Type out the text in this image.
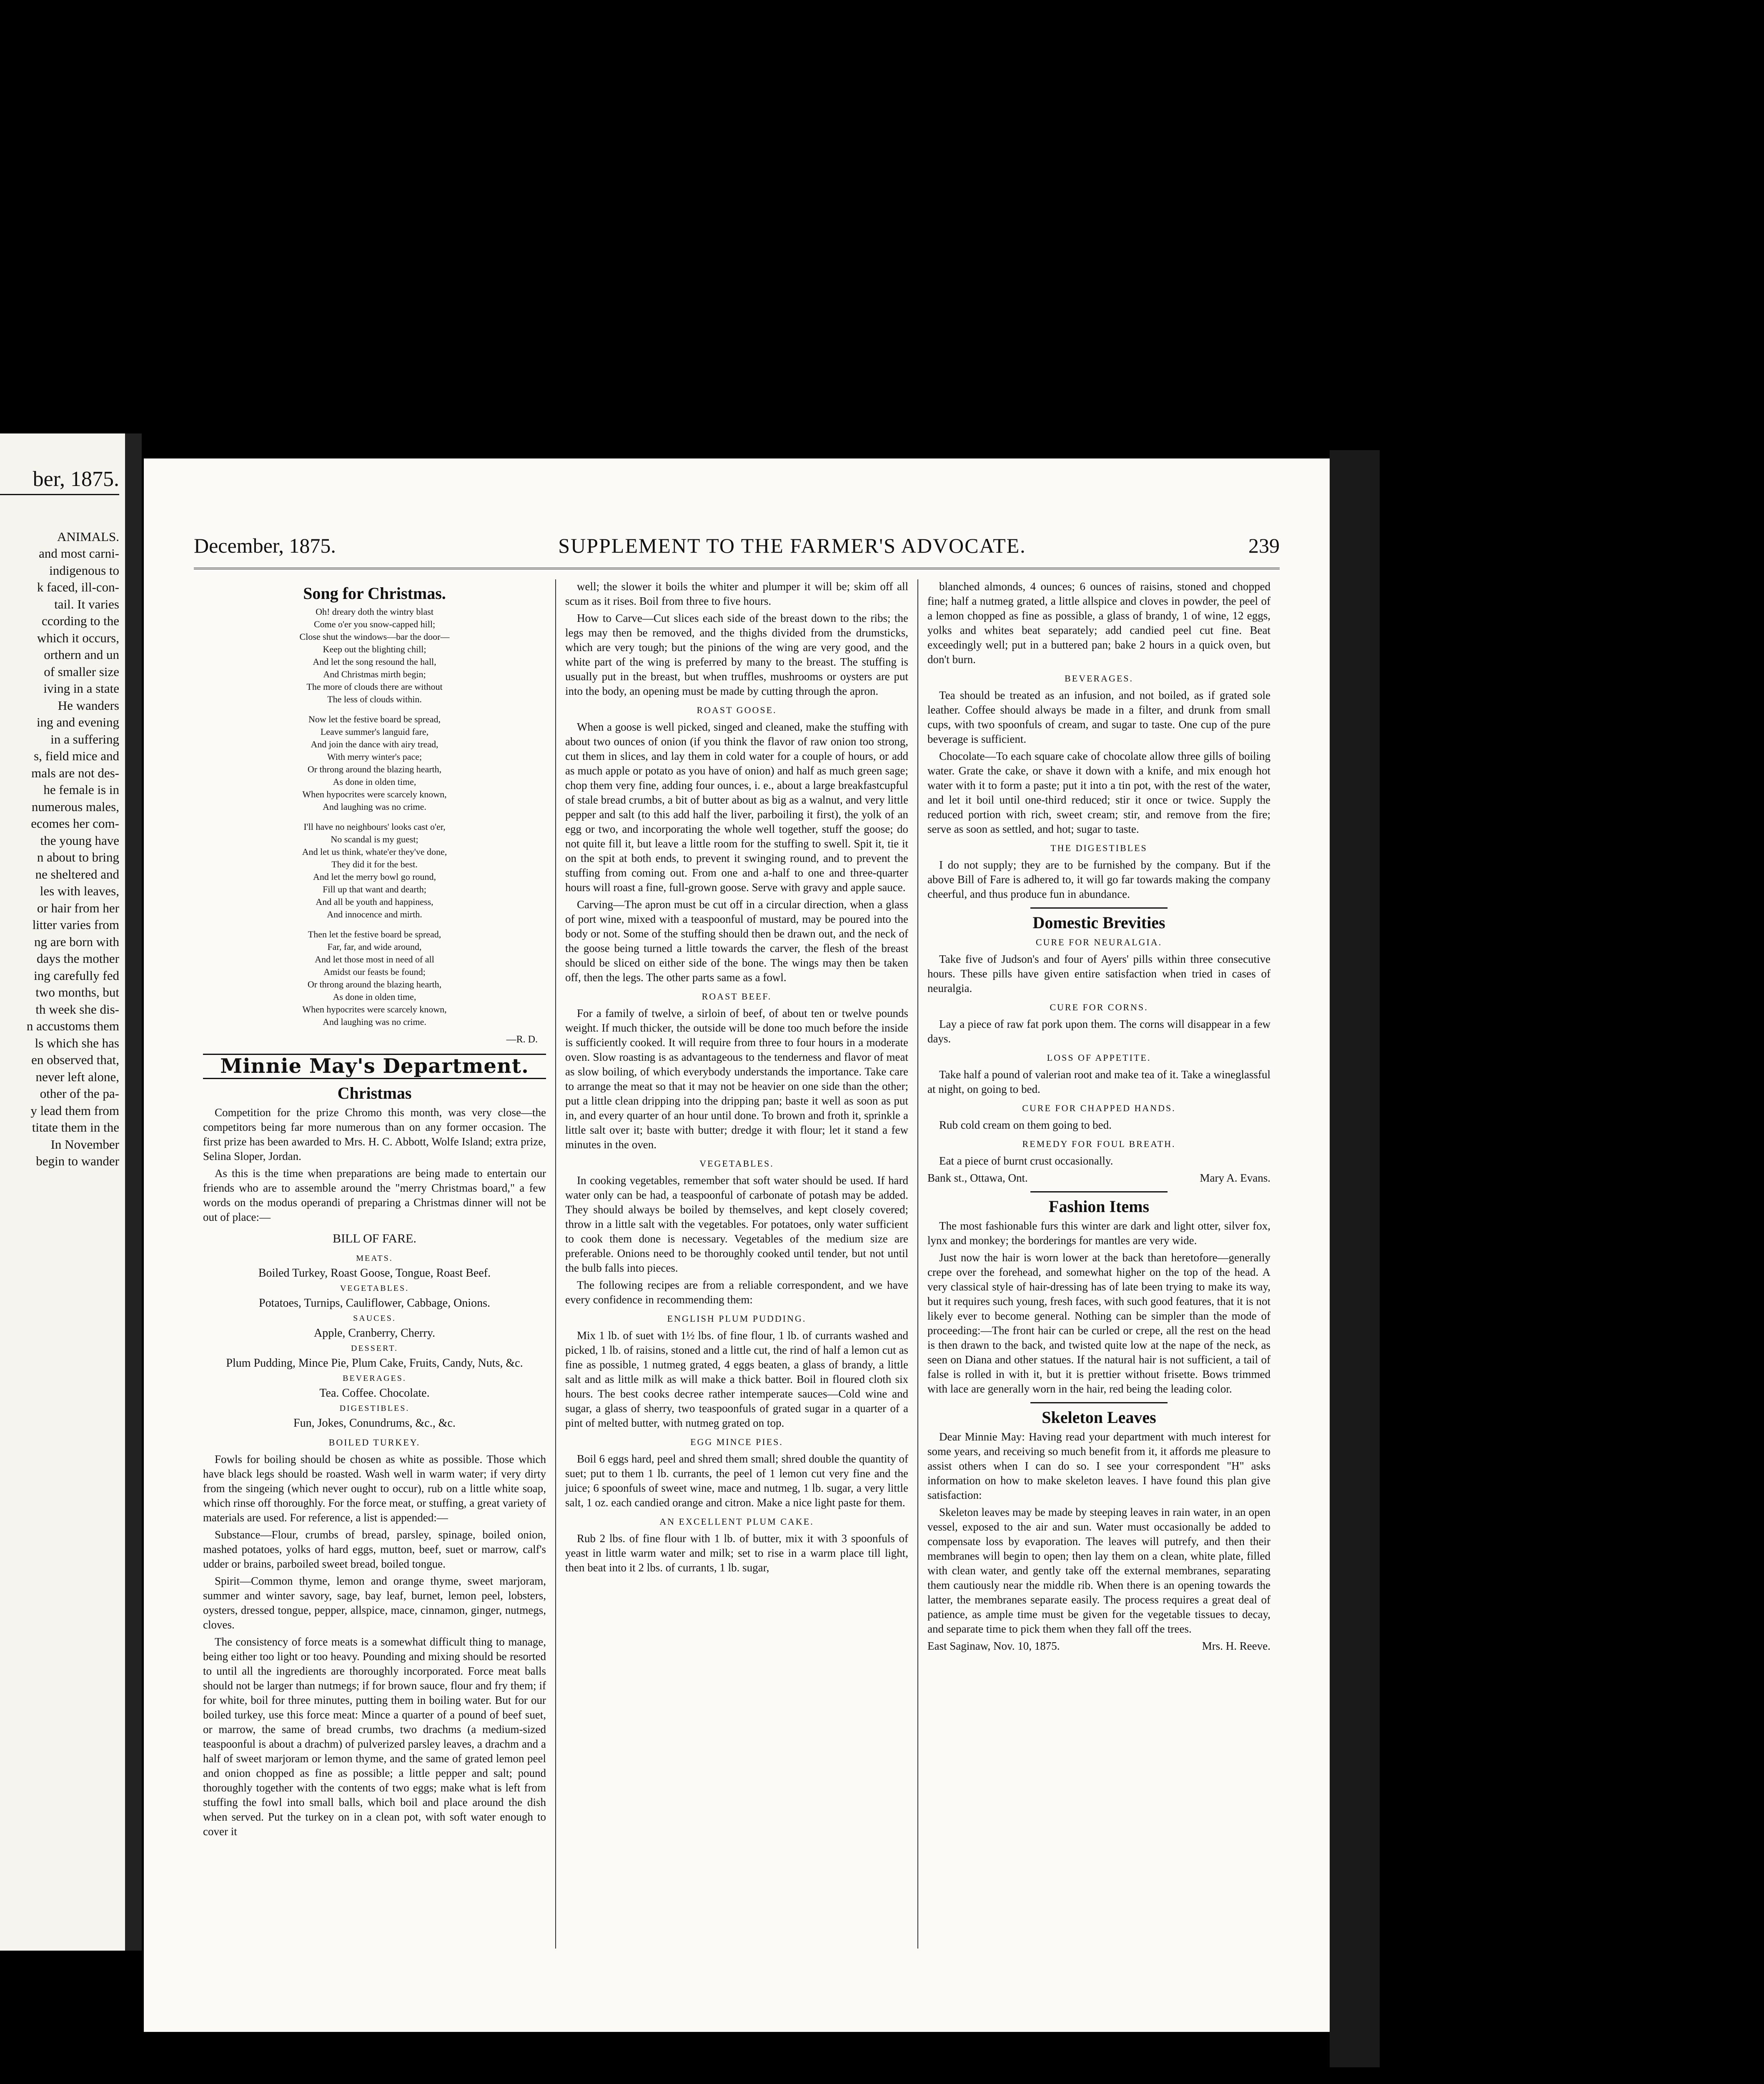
ber, 1875.

ANIMALS.

and most carni-

indigenous to

k faced, ill-con-

tail. It varies

ccording to the

which it occurs,

orthern and un

of smaller size

iving in a state

He wanders

ing and evening

in a suffering

s, field mice and

mals are not des-

he female is in

numerous males,

ecomes her com-

the young have

n about to bring

ne sheltered and

les with leaves,

or hair from her

litter varies from

ng are born with

days the mother

ing carefully fed

two months, but

th week she dis-

n accustoms them

ls which she has

en observed that,

never left alone,

other of the pa-

y lead them from

titate them in the

In November

begin to wander

December, 1875.	SUPPLEMENT TO THE FARMER'S ADVOCATE.	239
Song for Christmas.
Oh! dreary doth the wintry blast
Come o'er you snow-capped hill;
Close shut the windows—bar the door—
Keep out the blighting chill;
And let the song resound the hall,
And Christmas mirth begin;
The more of clouds there are without
The less of clouds within.
Now let the festive board be spread,
Leave summer's languid fare,
And join the dance with airy tread,
With merry winter's pace;
Or throng around the blazing hearth,
As done in olden time,
When hypocrites were scarcely known,
And laughing was no crime.
I'll have no neighbours' looks cast o'er,
No scandal is my guest;
And let us think, whate'er they've done,
They did it for the best.
And let the merry bowl go round,
Fill up that want and dearth;
And all be youth and happiness,
And innocence and mirth.
Then let the festive board be spread,
Far, far, and wide around,
And let those most in need of all
Amidst our feasts be found;
Or throng around the blazing hearth,
As done in olden time,
When hypocrites were scarcely known,
And laughing was no crime.
—R. D.
Minnie May's Department.
Christmas

Competition for the prize Chromo this month, was very close—the competitors being far more numerous than on any former occasion. The first prize has been awarded to Mrs. H. C. Abbott, Wolfe Island; extra prize, Selina Sloper, Jordan.

As this is the time when preparations are being made to entertain our friends who are to assemble around the "merry Christmas board," a few words on the modus operandi of preparing a Christmas dinner will not be out of place:—

BILL OF FARE.
MEATS.
Boiled Turkey, Roast Goose, Tongue, Roast Beef.
VEGETABLES.
Potatoes, Turnips, Cauliflower, Cabbage, Onions.
SAUCES.
Apple, Cranberry, Cherry.
DESSERT.
Plum Pudding, Mince Pie, Plum Cake, Fruits, Candy, Nuts, &c.
BEVERAGES.
Tea. Coffee. Chocolate.
DIGESTIBLES.
Fun, Jokes, Conundrums, &c., &c.
BOILED TURKEY.

Fowls for boiling should be chosen as white as possible. Those which have black legs should be roasted. Wash well in warm water; if very dirty from the singeing (which never ought to occur), rub on a little white soap, which rinse off thoroughly. For the force meat, or stuffing, a great variety of materials are used. For reference, a list is appended:—

Substance—Flour, crumbs of bread, parsley, spinage, boiled onion, mashed potatoes, yolks of hard eggs, mutton, beef, suet or marrow, calf's udder or brains, parboiled sweet bread, boiled tongue.

Spirit—Common thyme, lemon and orange thyme, sweet marjoram, summer and winter savory, sage, bay leaf, burnet, lemon peel, lobsters, oysters, dressed tongue, pepper, allspice, mace, cinnamon, ginger, nutmegs, cloves.

The consistency of force meats is a somewhat difficult thing to manage, being either too light or too heavy. Pounding and mixing should be resorted to until all the ingredients are thoroughly incorporated. Force meat balls should not be larger than nutmegs; if for brown sauce, flour and fry them; if for white, boil for three minutes, putting them in boiling water. But for our boiled turkey, use this force meat: Mince a quarter of a pound of beef suet, or marrow, the same of bread crumbs, two drachms (a medium-sized teaspoonful is about a drachm) of pulverized parsley leaves, a drachm and a half of sweet marjoram or lemon thyme, and the same of grated lemon peel and onion chopped as fine as possible; a little pepper and salt; pound thoroughly together with the contents of two eggs; make what is left from stuffing the fowl into small balls, which boil and place around the dish when served. Put the turkey on in a clean pot, with soft water enough to cover it

well; the slower it boils the whiter and plumper it will be; skim off all scum as it rises. Boil from three to five hours.

How to Carve—Cut slices each side of the breast down to the ribs; the legs may then be removed, and the thighs divided from the drumsticks, which are very tough; but the pinions of the wing are very good, and the white part of the wing is preferred by many to the breast. The stuffing is usually put in the breast, but when truffles, mushrooms or oysters are put into the body, an opening must be made by cutting through the apron.

ROAST GOOSE.

When a goose is well picked, singed and cleaned, make the stuffing with about two ounces of onion (if you think the flavor of raw onion too strong, cut them in slices, and lay them in cold water for a couple of hours, or add as much apple or potato as you have of onion) and half as much green sage; chop them very fine, adding four ounces, i. e., about a large breakfastcupful of stale bread crumbs, a bit of butter about as big as a walnut, and very little pepper and salt (to this add half the liver, parboiling it first), the yolk of an egg or two, and incorporating the whole well together, stuff the goose; do not quite fill it, but leave a little room for the stuffing to swell. Spit it, tie it on the spit at both ends, to prevent it swinging round, and to prevent the stuffing from coming out. From one and a-half to one and three-quarter hours will roast a fine, full-grown goose. Serve with gravy and apple sauce.

Carving—The apron must be cut off in a circular direction, when a glass of port wine, mixed with a teaspoonful of mustard, may be poured into the body or not. Some of the stuffing should then be drawn out, and the neck of the goose being turned a little towards the carver, the flesh of the breast should be sliced on either side of the bone. The wings may then be taken off, then the legs. The other parts same as a fowl.

ROAST BEEF.

For a family of twelve, a sirloin of beef, of about ten or twelve pounds weight. If much thicker, the outside will be done too much before the inside is sufficiently cooked. It will require from three to four hours in a moderate oven. Slow roasting is as advantageous to the tenderness and flavor of meat as slow boiling, of which everybody understands the importance. Take care to arrange the meat so that it may not be heavier on one side than the other; put a little clean dripping into the dripping pan; baste it well as soon as put in, and every quarter of an hour until done. To brown and froth it, sprinkle a little salt over it; baste with butter; dredge it with flour; let it stand a few minutes in the oven.

VEGETABLES.

In cooking vegetables, remember that soft water should be used. If hard water only can be had, a teaspoonful of carbonate of potash may be added. They should always be boiled by themselves, and kept closely covered; throw in a little salt with the vegetables. For potatoes, only water sufficient to cook them done is necessary. Vegetables of the medium size are preferable. Onions need to be thoroughly cooked until tender, but not until the bulb falls into pieces.

The following recipes are from a reliable correspondent, and we have every confidence in recommending them:

ENGLISH PLUM PUDDING.

Mix 1 lb. of suet with 1½ lbs. of fine flour, 1 lb. of currants washed and picked, 1 lb. of raisins, stoned and a little cut, the rind of half a lemon cut as fine as possible, 1 nutmeg grated, 4 eggs beaten, a glass of brandy, a little salt and as little milk as will make a thick batter. Boil in floured cloth six hours. The best cooks decree rather intemperate sauces—Cold wine and sugar, a glass of sherry, two teaspoonfuls of grated sugar in a quarter of a pint of melted butter, with nutmeg grated on top.

EGG MINCE PIES.

Boil 6 eggs hard, peel and shred them small; shred double the quantity of suet; put to them 1 lb. currants, the peel of 1 lemon cut very fine and the juice; 6 spoonfuls of sweet wine, mace and nutmeg, 1 lb. sugar, a very little salt, 1 oz. each candied orange and citron. Make a nice light paste for them.

AN EXCELLENT PLUM CAKE.

Rub 2 lbs. of fine flour with 1 lb. of butter, mix it with 3 spoonfuls of yeast in little warm water and milk; set to rise in a warm place till light, then beat into it 2 lbs. of currants, 1 lb. sugar,

blanched almonds, 4 ounces; 6 ounces of raisins, stoned and chopped fine; half a nutmeg grated, a little allspice and cloves in powder, the peel of a lemon chopped as fine as possible, a glass of brandy, 1 of wine, 12 eggs, yolks and whites beat separately; add candied peel cut fine. Beat exceedingly well; put in a buttered pan; bake 2 hours in a quick oven, but don't burn.

BEVERAGES.

Tea should be treated as an infusion, and not boiled, as if grated sole leather. Coffee should always be made in a filter, and drunk from small cups, with two spoonfuls of cream, and sugar to taste. One cup of the pure beverage is sufficient.

Chocolate—To each square cake of chocolate allow three gills of boiling water. Grate the cake, or shave it down with a knife, and mix enough hot water with it to form a paste; put it into a tin pot, with the rest of the water, and let it boil until one-third reduced; stir it once or twice. Supply the reduced portion with rich, sweet cream; stir, and remove from the fire; serve as soon as settled, and hot; sugar to taste.

THE DIGESTIBLES

I do not supply; they are to be furnished by the company. But if the above Bill of Fare is adhered to, it will go far towards making the company cheerful, and thus produce fun in abundance.

Domestic Brevities
CURE FOR NEURALGIA.

Take five of Judson's and four of Ayers' pills within three consecutive hours. These pills have given entire satisfaction when tried in cases of neuralgia.

CURE FOR CORNS.

Lay a piece of raw fat pork upon them. The corns will disappear in a few days.

LOSS OF APPETITE.

Take half a pound of valerian root and make tea of it. Take a wineglassful at night, on going to bed.

CURE FOR CHAPPED HANDS.

Rub cold cream on them going to bed.

REMEDY FOR FOUL BREATH.

Eat a piece of burnt crust occasionally.

Bank st., Ottawa, Ont.	Mary A. Evans.
Fashion Items

The most fashionable furs this winter are dark and light otter, silver fox, lynx and monkey; the borderings for mantles are very wide.

Just now the hair is worn lower at the back than heretofore—generally crepe over the forehead, and somewhat higher on the top of the head. A very classical style of hair-dressing has of late been trying to make its way, but it requires such young, fresh faces, with such good features, that it is not likely ever to become general. Nothing can be simpler than the mode of proceeding:—The front hair can be curled or crepe, all the rest on the head is then drawn to the back, and twisted quite low at the nape of the neck, as seen on Diana and other statues. If the natural hair is not sufficient, a tail of false is rolled in with it, but it is prettier without frisette. Bows trimmed with lace are generally worn in the hair, red being the leading color.

Skeleton Leaves

Dear Minnie May: Having read your department with much interest for some years, and receiving so much benefit from it, it affords me pleasure to assist others when I can do so. I see your correspondent "H" asks information on how to make skeleton leaves. I have found this plan give satisfaction:

Skeleton leaves may be made by steeping leaves in rain water, in an open vessel, exposed to the air and sun. Water must occasionally be added to compensate loss by evaporation. The leaves will putrefy, and then their membranes will begin to open; then lay them on a clean, white plate, filled with clean water, and gently take off the external membranes, separating them cautiously near the middle rib. When there is an opening towards the latter, the membranes separate easily. The process requires a great deal of patience, as ample time must be given for the vegetable tissues to decay, and separate time to pick them when they fall off the trees.

East Saginaw, Nov. 10, 1875.	Mrs. H. Reeve.
